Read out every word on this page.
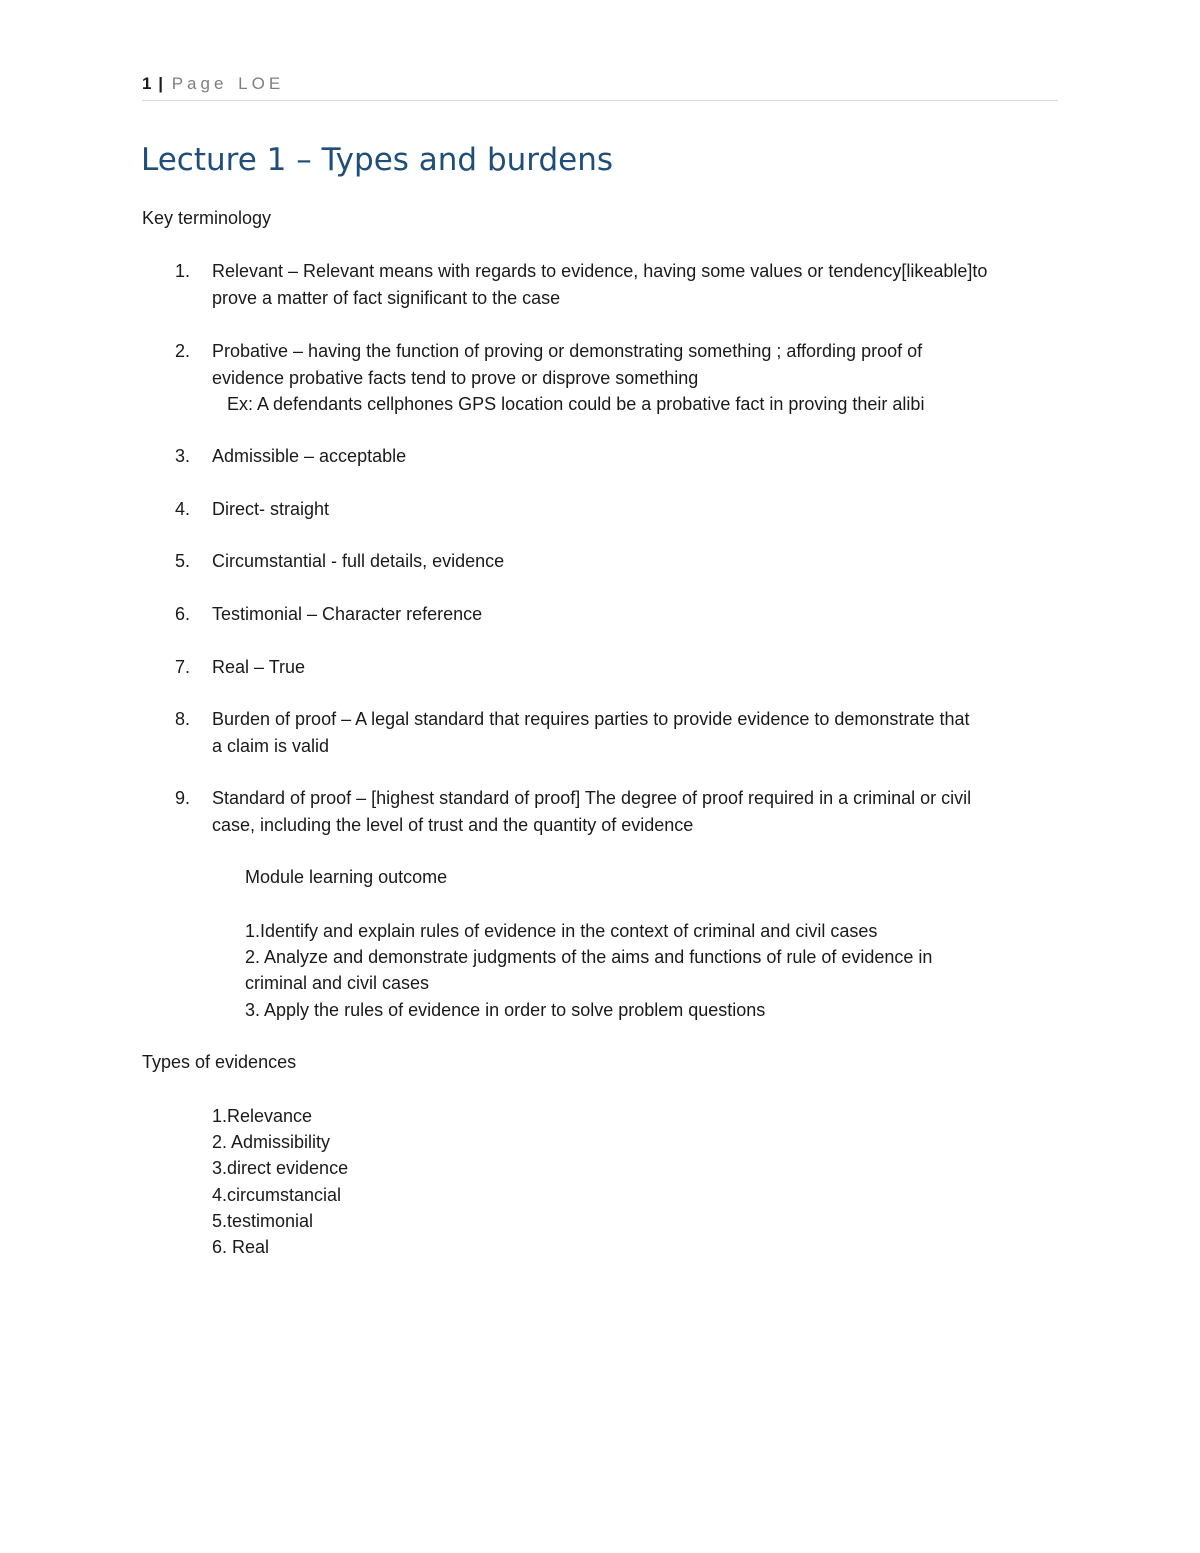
1 | Page LOE
Lecture 1 – Types and burdens
Key terminology
1. Relevant – Relevant means with regards to evidence, having some values or tendency[likeable]to
prove a matter of fact significant to the case
2. Probative – having the function of proving or demonstrating something ; affording proof of
evidence probative facts tend to prove or disprove something
Ex: A defendants cellphones GPS location could be a probative fact in proving their alibi
3. Admissible – acceptable
4. Direct- straight
5. Circumstantial - full details, evidence
6. Testimonial – Character reference
7. Real – True
8. Burden of proof – A legal standard that requires parties to provide evidence to demonstrate that
a claim is valid
9. Standard of proof – [highest standard of proof] The degree of proof required in a criminal or civil
case, including the level of trust and the quantity of evidence
Module learning outcome
1.Identify and explain rules of evidence in the context of criminal and civil cases
2. Analyze and demonstrate judgments of the aims and functions of rule of evidence in
criminal and civil cases
3. Apply the rules of evidence in order to solve problem questions
Types of evidences
1.Relevance
2. Admissibility
3.direct evidence
4.circumstancial
5.testimonial
6. Real
